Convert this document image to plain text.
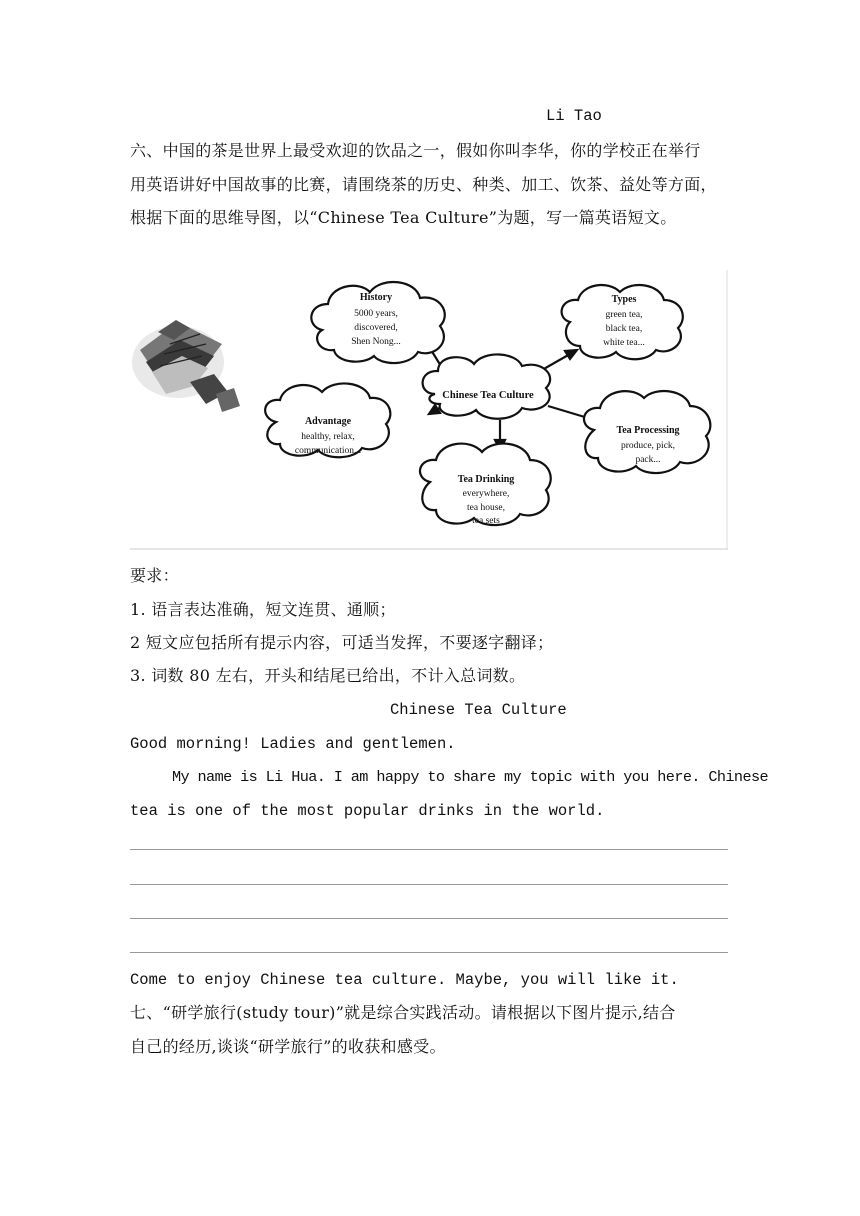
Li Tao
六、中国的茶是世界上最受欢迎的饮品之一，假如你叫李华，你的学校正在举行
用英语讲好中国故事的比赛，请围绕茶的历史、种类、加工、饮茶、益处等方面，
根据下面的思维导图，以“Chinese Tea Culture”为题，写一篇英语短文。
Chinese Tea Culture
History
5000 years,
discovered,
Shen Nong...
Types
green tea,
black tea,
white tea...
Advantage
healthy, relax,
communication...
Tea Processing
produce, pick,
pack...
Tea Drinking
everywhere,
tea house,
tea sets
要求：
1. 语言表达准确，短文连贯、通顺；
2 短文应包括所有提示内容，可适当发挥，不要逐字翻译；
3. 词数 80 左右，开头和结尾已给出，不计入总词数。
Chinese Tea Culture
Good morning! Ladies and gentlemen.
My name is Li Hua. I am happy to share my topic with you here. Chinese
tea is one of the most popular drinks in the world.
Come to enjoy Chinese tea culture. Maybe, you will like it.
七、“研学旅行(study tour)”就是综合实践活动。请根据以下图片提示,结合
自己的经历,谈谈“研学旅行”的收获和感受。
